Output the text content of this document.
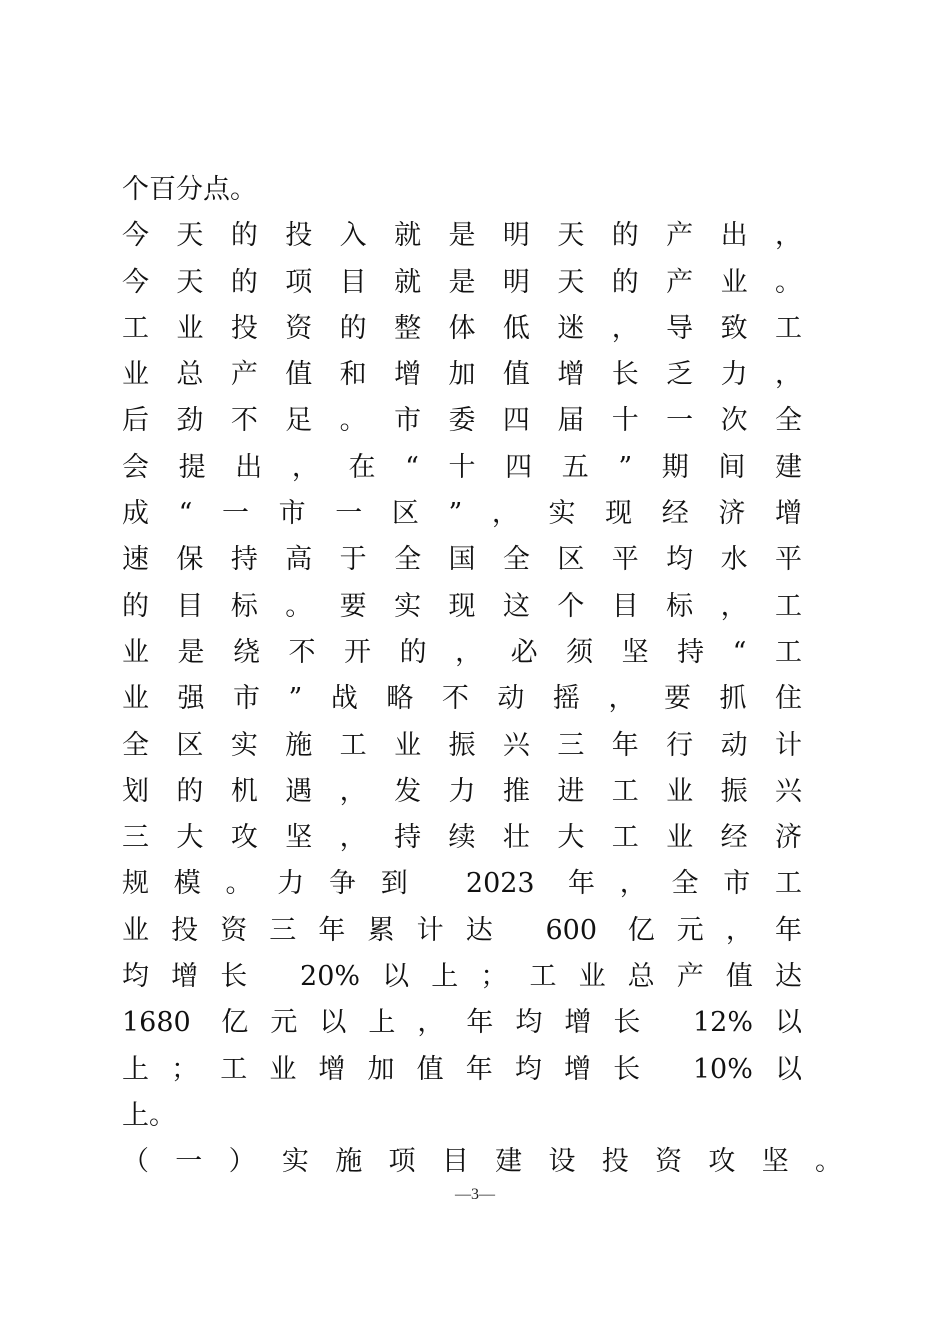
个百分点。
今天的投入就是明天的产出，
今天的项目就是明天的产业。
工业投资的整体低迷，导致工
业总产值和增加值增长乏力，
后劲不足。市委四届十一次全
会提出，在“十四五”期间建
成“一市一区”，实现经济增
速保持高于全国全区平均水平
的目标。要实现这个目标，工
业是绕不开的，必须坚持“工
业强市”战略不动摇，要抓住
全区实施工业振兴三年行动计
划的机遇，发力推进工业振兴
三大攻坚，持续壮大工业经济
规模。力争到 2023 年，全市工
业投资三年累计达 600 亿元，年
均增长 20%以上；工业总产值达
1680 亿元以上，年均增长 12%以
上；工业增加值年均增长 10%以
上。
（一）实施项目建设投资攻坚。
—3—
